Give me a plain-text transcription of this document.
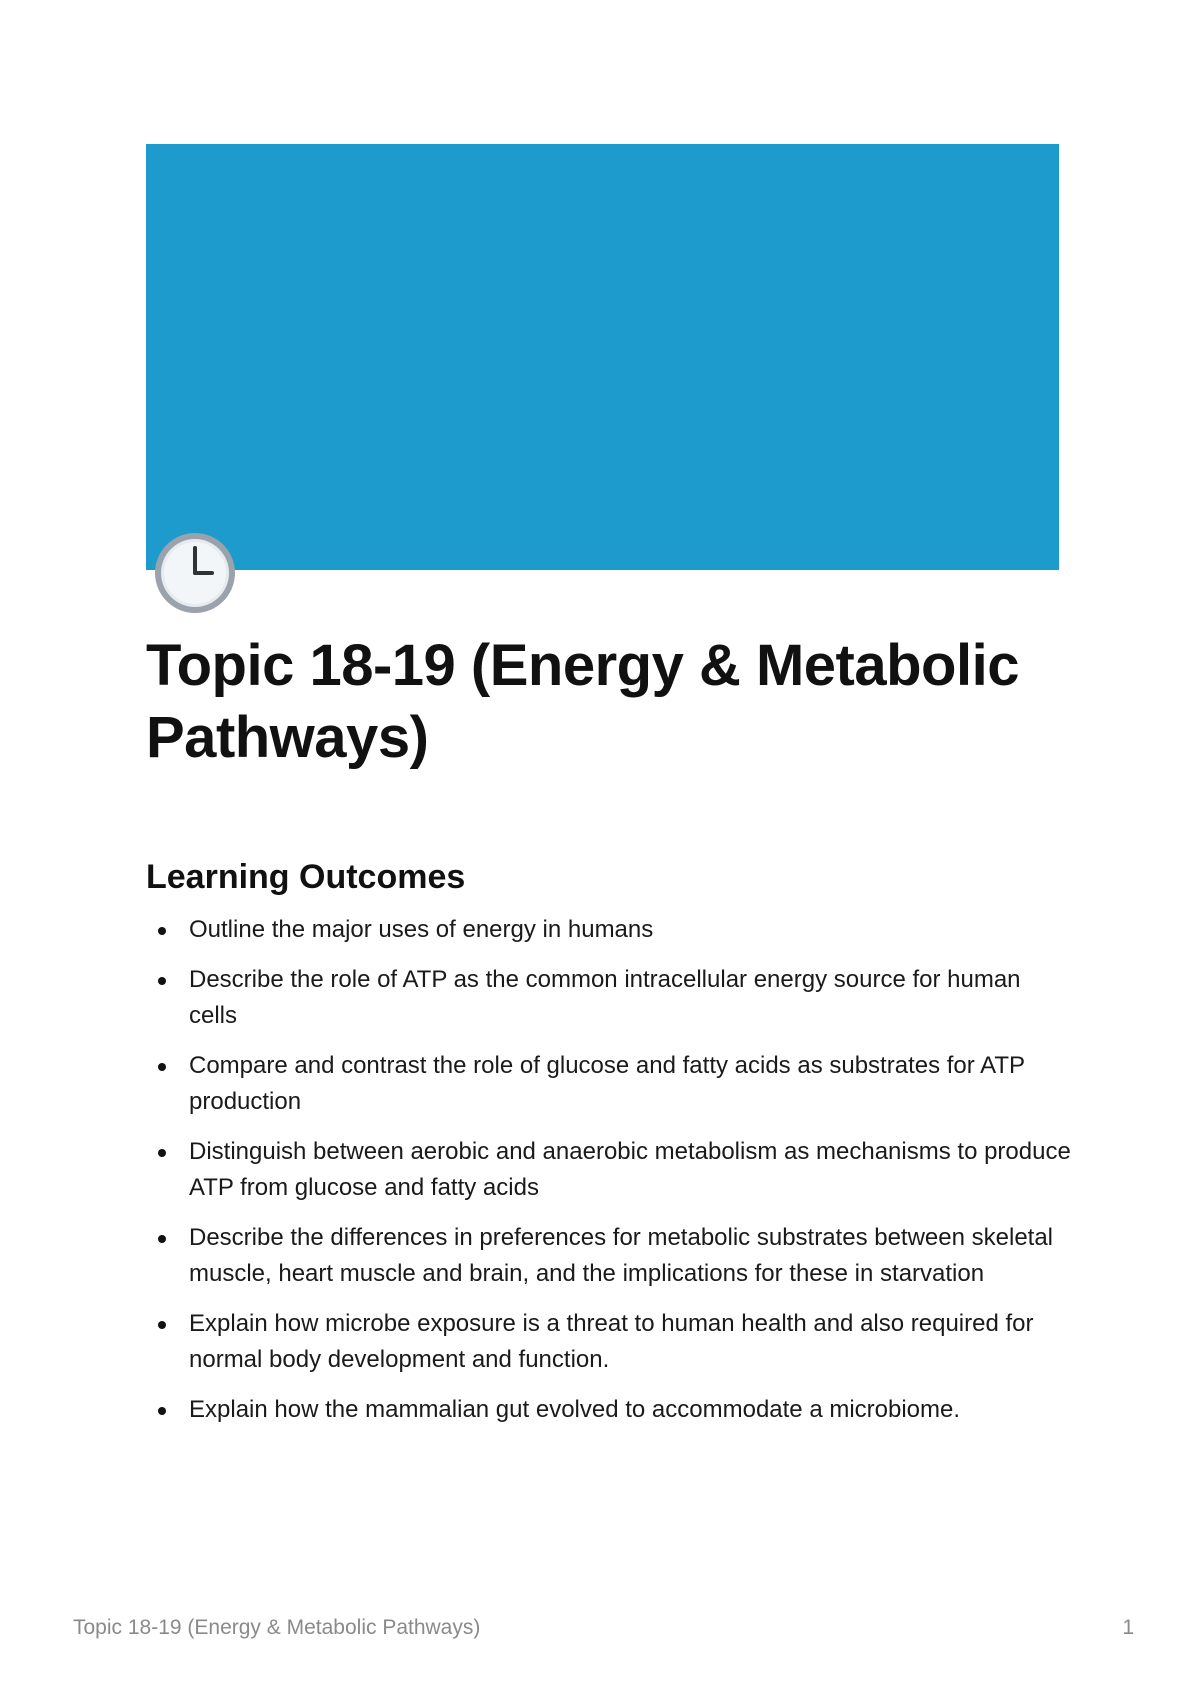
Topic 18-19 (Energy & Metabolic Pathways)
Learning Outcomes
Outline the major uses of energy in humans
Describe the role of ATP as the common intracellular energy source for human cells
Compare and contrast the role of glucose and fatty acids as substrates for ATP production
Distinguish between aerobic and anaerobic metabolism as mechanisms to produce ATP from glucose and fatty acids
Describe the differences in preferences for metabolic substrates between skeletal muscle, heart muscle and brain, and the implications for these in starvation
Explain how microbe exposure is a threat to human health and also required for normal body development and function.
Explain how the mammalian gut evolved to accommodate a microbiome.
Topic 18-19 (Energy & Metabolic Pathways)	1
